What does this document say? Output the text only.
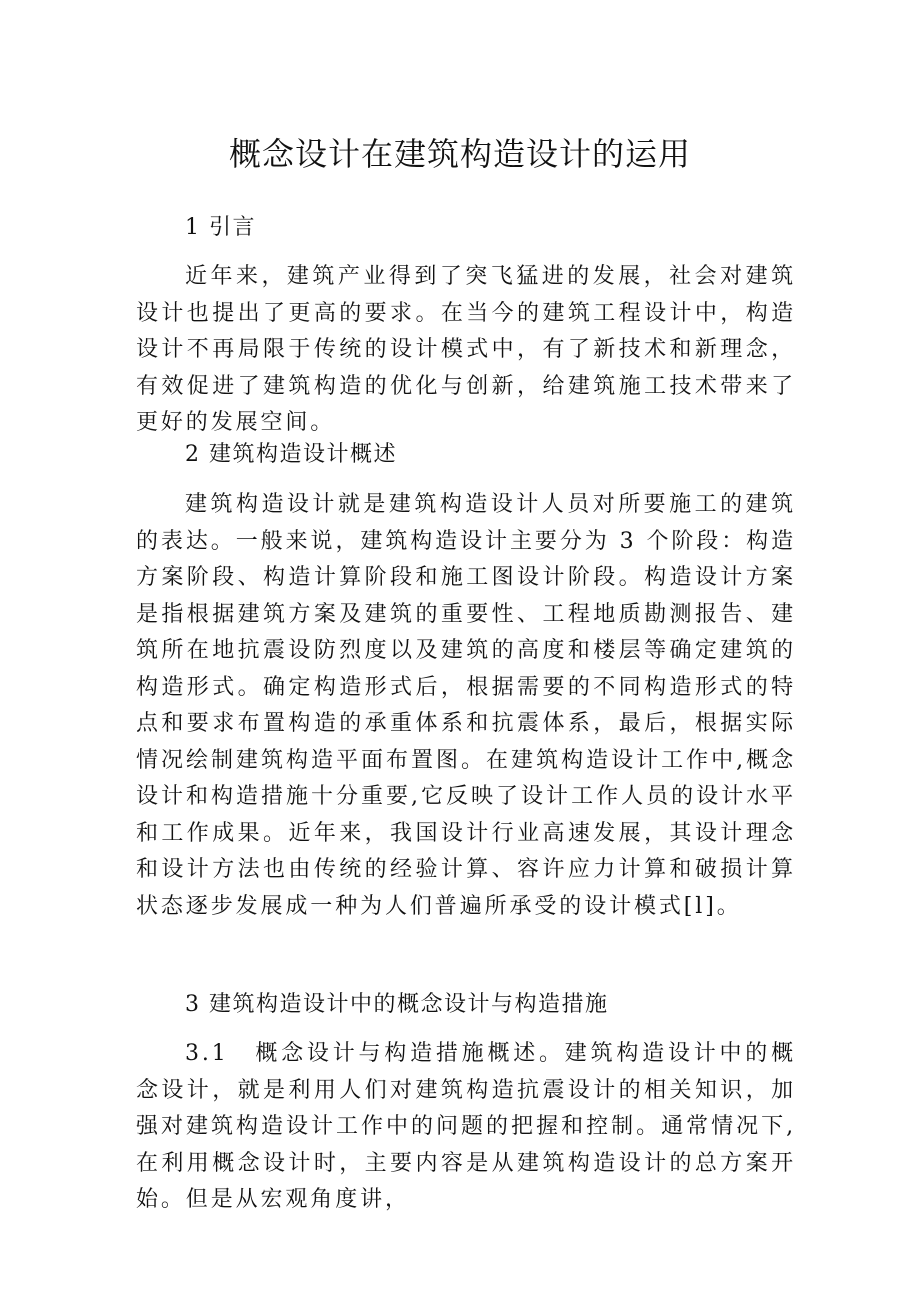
概念设计在建筑构造设计的运用

1 引言

近年来，建筑产业得到了突飞猛进的发展，社会对建筑设计也提出了更高的要求。在当今的建筑工程设计中，构造设计不再局限于传统的设计模式中，有了新技术和新理念，有效促进了建筑构造的优化与创新，给建筑施工技术带来了更好的发展空间。

2 建筑构造设计概述

建筑构造设计就是建筑构造设计人员对所要施工的建筑的表达。一般来说，建筑构造设计主要分为 3 个阶段：构造方案阶段、构造计算阶段和施工图设计阶段。构造设计方案是指根据建筑方案及建筑的重要性、工程地质勘测报告、建筑所在地抗震设防烈度以及建筑的高度和楼层等确定建筑的构造形式。确定构造形式后，根据需要的不同构造形式的特点和要求布置构造的承重体系和抗震体系，最后，根据实际情况绘制建筑构造平面布置图。在建筑构造设计工作中,概念设计和构造措施十分重要,它反映了设计工作人员的设计水平和工作成果。近年来，我国设计行业高速发展，其设计理念和设计方法也由传统的经验计算、容许应力计算和破损计算状态逐步发展成一种为人们普遍所承受的设计模式[l]。

3 建筑构造设计中的概念设计与构造措施

3.1　概念设计与构造措施概述。建筑构造设计中的概念设计，就是利用人们对建筑构造抗震设计的相关知识，加强对建筑构造设计工作中的问题的把握和控制。通常情况下,在利用概念设计时，主要内容是从建筑构造设计的总方案开始。但是从宏观角度讲，
